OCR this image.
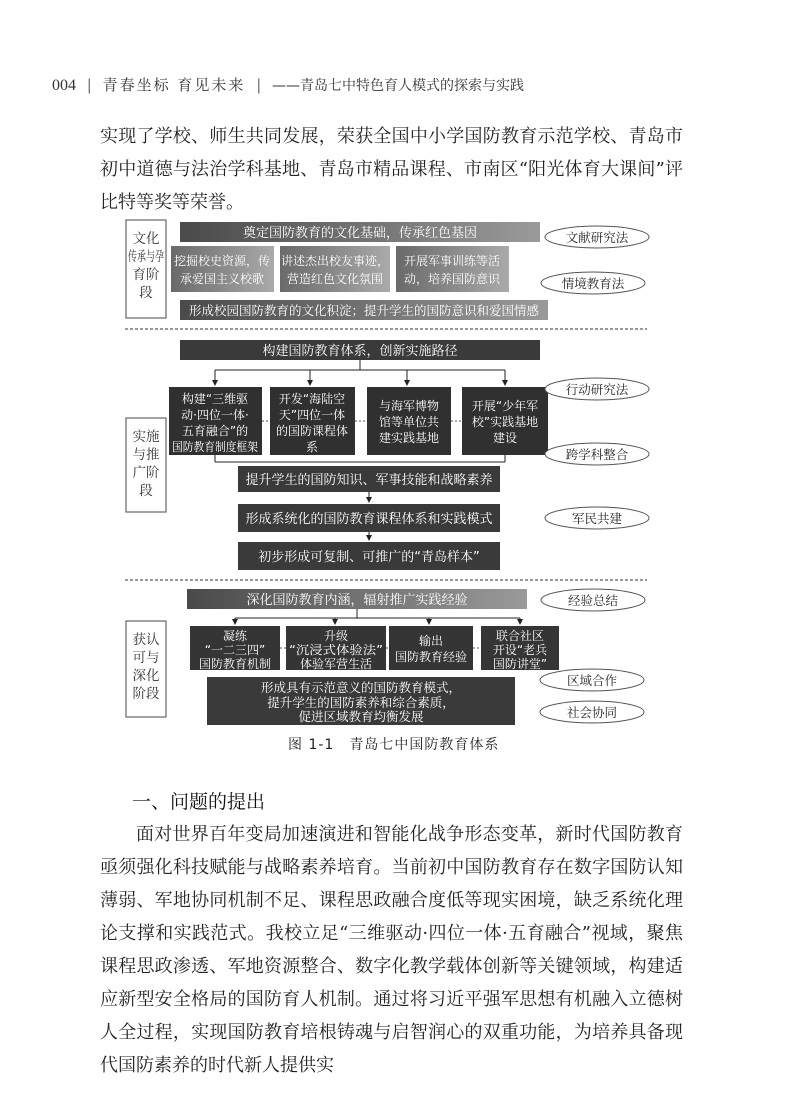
004 | 青春坐标 育见未来 | ——青岛七中特色育人模式的探索与实践
实现了学校、师生共同发展，荣获全国中小学国防教育示范学校、青岛市初中道德与法治学科基地、青岛市精品课程、市南区“阳光体育大课间”评比特等奖等荣誉。
文化
传承与孕
育阶
段
实施
与推
广阶
段
获认
可与
深化
阶段
奠定国防教育的文化基础，传承红色基因
挖掘校史资源，传
承爱国主义校歌
讲述杰出校友事迹，
营造红色文化氛围
开展军事训练等活
动，培养国防意识
形成校园国防教育的文化积淀；提升学生的国防意识和爱国情感
文献研究法
情境教育法
构建国防教育体系，创新实施路径
构建“三维驱
动·四位一体·
五育融合”的
国防教育制度框架
开发“海陆空
天”四位一体
的国防课程体
系
与海军博物
馆等单位共
建实践基地
开展“少年军
校”实践基地
建设
提升学生的国防知识、军事技能和战略素养
形成系统化的国防教育课程体系和实践模式
初步形成可复制、可推广的“青岛样本”
行动研究法
跨学科整合
军民共建
深化国防教育内涵，辐射推广实践经验
凝练
“一二三四”
国防教育机制
升级
“沉浸式体验法”
体验军营生活
输出
国防教育经验
联合社区
开设“老兵
国防讲堂”
形成具有示范意义的国防教育模式，
提升学生的国防素养和综合素质，
促进区域教育均衡发展
经验总结
区域合作
社会协同
图 1-1　青岛七中国防教育体系
一、问题的提出
面对世界百年变局加速演进和智能化战争形态变革，新时代国防教育亟须强化科技赋能与战略素养培育。当前初中国防教育存在数字国防认知薄弱、军地协同机制不足、课程思政融合度低等现实困境，缺乏系统化理论支撑和实践范式。我校立足“三维驱动·四位一体·五育融合”视域，聚焦课程思政渗透、军地资源整合、数字化教学载体创新等关键领域，构建适应新型安全格局的国防育人机制。通过将习近平强军思想有机融入立德树人全过程，实现国防教育培根铸魂与启智润心的双重功能，为培养具备现代国防素养的时代新人提供实
